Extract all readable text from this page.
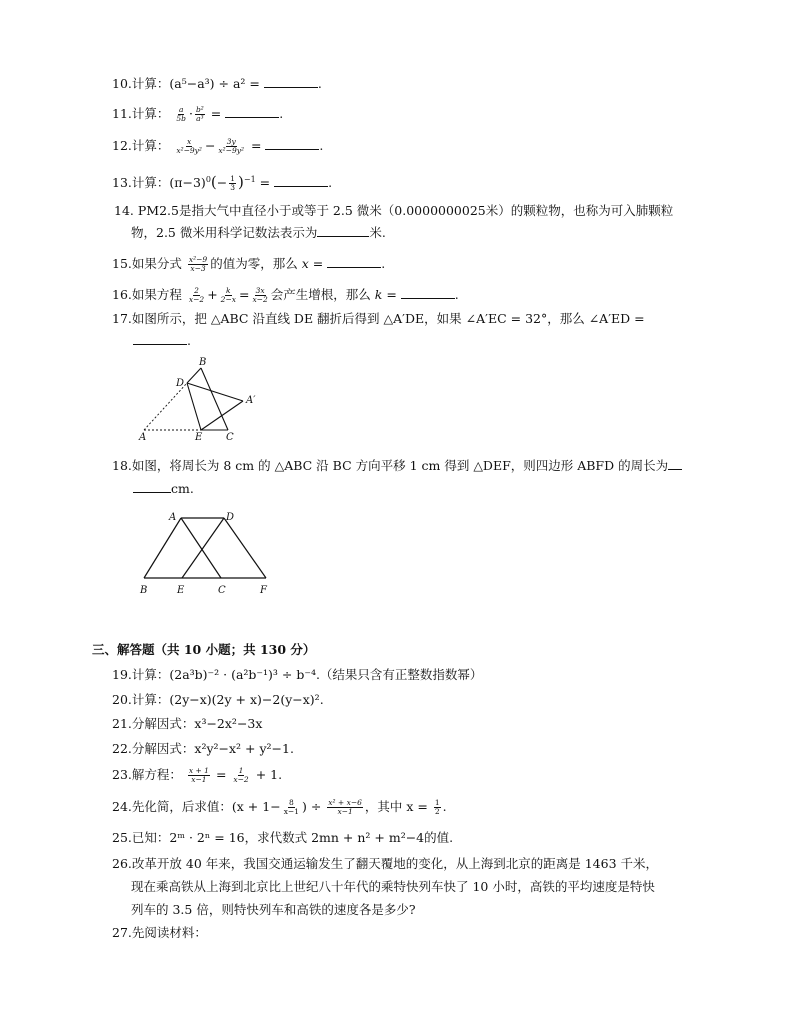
10.计算：(a⁵−a³) ÷ a² =	.
11.计算： $\frac{a}{5b} \cdot \frac{\text{b²}}{\text{a³}}$ =	.
12.计算： $\frac{x}{\text{x²−9y²}} - \frac{3y}{\text{x²−9y²}}$ =	.
13.计算：$(\pi-3)^0(- \frac{1}{3} )^{-1}$ =	.
14. PM2.5是指大气中直径小于或等于 2.5 微米（0.0000000025米）的颗粒物，也称为可入肺颗粒
物，2.5 微米用科学记数法表示为	米.
15.如果分式 $\frac{\text{x²−9}}{x-3}$ 的值为零，那么 x =	.
16.如果方程 $\frac{2}{x-2} + \frac{k}{2-x} = \frac{3x}{x-2}$ 会产生增根，那么 k =	.
17.如图所示，把 △ABC 沿直线 DE 翻折后得到 △A′DE，如果 ∠A′EC = 32°，那么 ∠A′ED =
.
B
D
A′
A	E C
18.如图，将周长为 8 cm 的 △ABC 沿 BC 方向平移 1 cm 得到 △DEF，则四边形 ABFD 的周长为
cm.
A	D
B	E	C	F
三、解答题（共 10 小题；共 130 分）
19.计算：(2a³b)⁻² · (a²b⁻¹)³ ÷ b⁻⁴.（结果只含有正整数指数幂）
20.计算：(2y−x)(2y + x)−2(y−x)².
21.分解因式：x³−2x²−3x
22.分解因式：x²y²−x² + y²−1.
23.解方程： $\frac{x + 1}{x-1} = \frac{1}{x-2} + 1$.
24.先化简，后求值：($x + 1- \frac{8}{x-1}$ ) ÷ $\frac{\text{x² + x−6}}{x-1}$ ，其中 $x = \frac{1}{2}$ .
25.已知：2ᵐ · 2ⁿ = 16，求代数式 2mn + n² + m²−4的值.
26.改革开放 40 年来，我国交通运输发生了翻天覆地的变化，从上海到北京的距离是 1463 千米，
现在乘高铁从上海到北京比上世纪八十年代的乘特快列车快了 10 小时，高铁的平均速度是特快
列车的 3.5 倍，则特快列车和高铁的速度各是多少?
27.先阅读材料：
